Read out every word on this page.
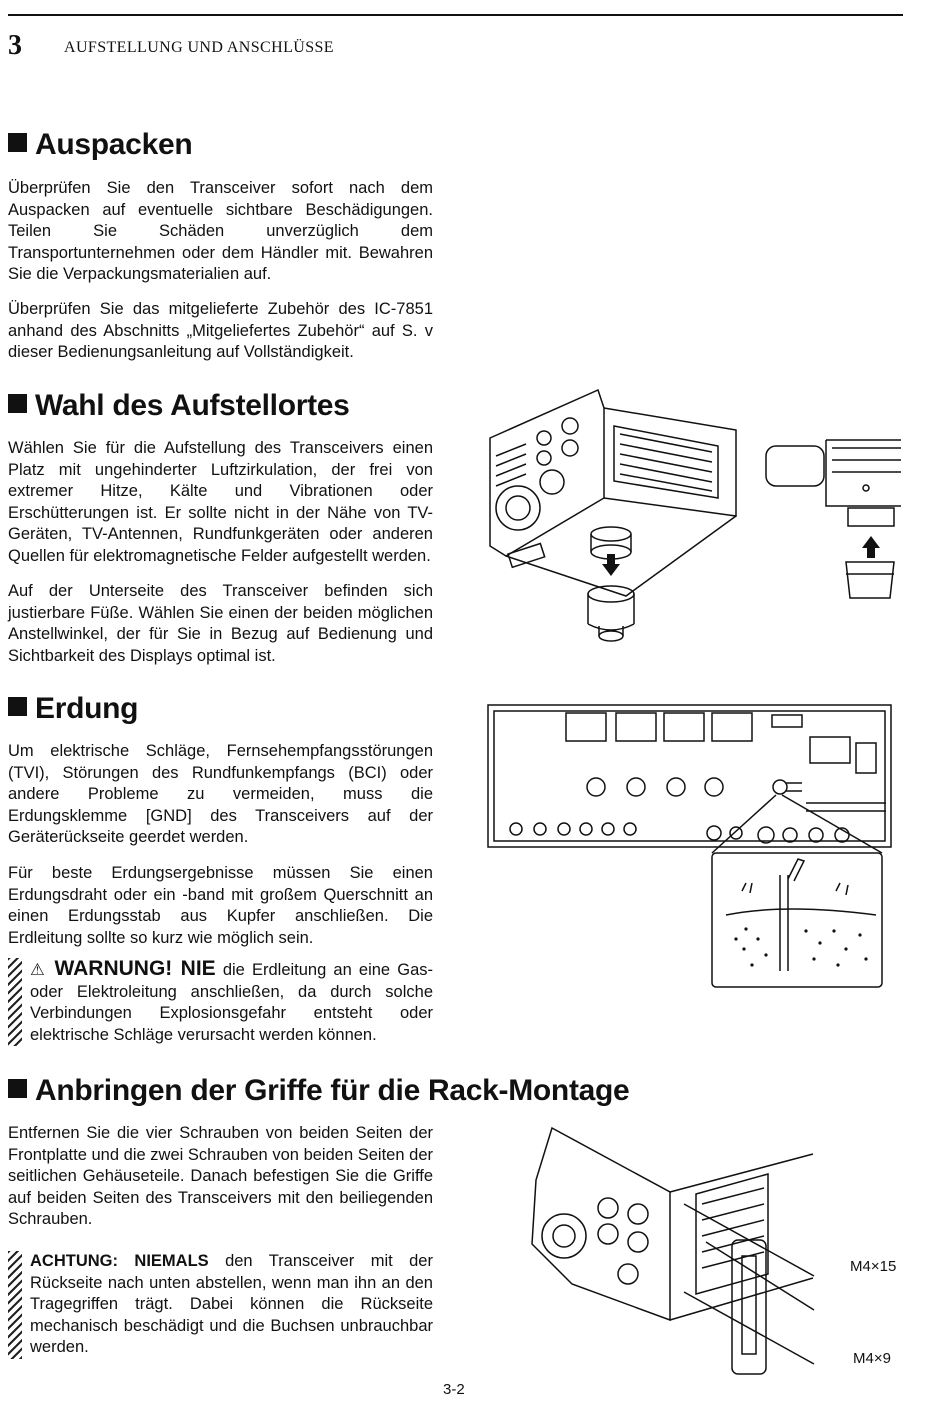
3	AUFSTELLUNG UND ANSCHLÜSSE
Auspacken

Überprüfen Sie den Transceiver sofort nach dem Auspacken auf eventuelle sichtbare Beschädigungen. Teilen Sie Schäden unverzüglich dem Transportunternehmen oder dem Händler mit. Bewahren Sie die Verpackungsmaterialien auf.

Überprüfen Sie das mitgelieferte Zubehör des IC-7851 anhand des Abschnitts „Mitgeliefertes Zubehör“ auf S. v dieser Bedienungsanleitung auf Vollständigkeit.

Wahl des Aufstellortes

Wählen Sie für die Aufstellung des Transceivers einen Platz mit ungehinderter Luftzirkulation, der frei von extremer Hitze, Kälte und Vibrationen oder Erschütterungen ist. Er sollte nicht in der Nähe von TV-Geräten, TV-Antennen, Rundfunkgeräten oder anderen Quellen für elektromagnetische Felder aufgestellt werden.

Auf der Unterseite des Transceiver befinden sich justierbare Füße. Wählen Sie einen der beiden möglichen Anstellwinkel, der für Sie in Bezug auf Bedienung und Sichtbarkeit des Displays optimal ist.

Erdung

Um elektrische Schläge, Fernsehempfangsstörungen (TVI), Störungen des Rundfunkempfangs (BCI) oder andere Probleme zu vermeiden, muss die Erdungsklemme [GND] des Transceivers auf der Geräterückseite geerdet werden.

Für beste Erdungsergebnisse müssen Sie einen Erdungsdraht oder ein -band mit großem Querschnitt an einen Erdungsstab aus Kupfer anschließen. Die Erdleitung sollte so kurz wie möglich sein.

⚠ WARNUNG! NIE die Erdleitung an eine Gas- oder Elektroleitung anschließen, da durch solche Verbindungen Explosionsgefahr entsteht oder elektrische Schläge verursacht werden können.

Anbringen der Griffe für die Rack-Montage

Entfernen Sie die vier Schrauben von beiden Seiten der Frontplatte und die zwei Schrauben von beiden Seiten der seitlichen Gehäuseteile. Danach befestigen Sie die Griffe auf beiden Seiten des Transceivers mit den beiliegenden Schrauben.

ACHTUNG: NIEMALS den Transceiver mit der Rückseite nach unten abstellen, wenn man ihn an den Tragegriffen trägt. Dabei können die Rückseite mechanisch beschädigt und die Buchsen unbrauchbar werden.

M4×15
M4×9
3-2
